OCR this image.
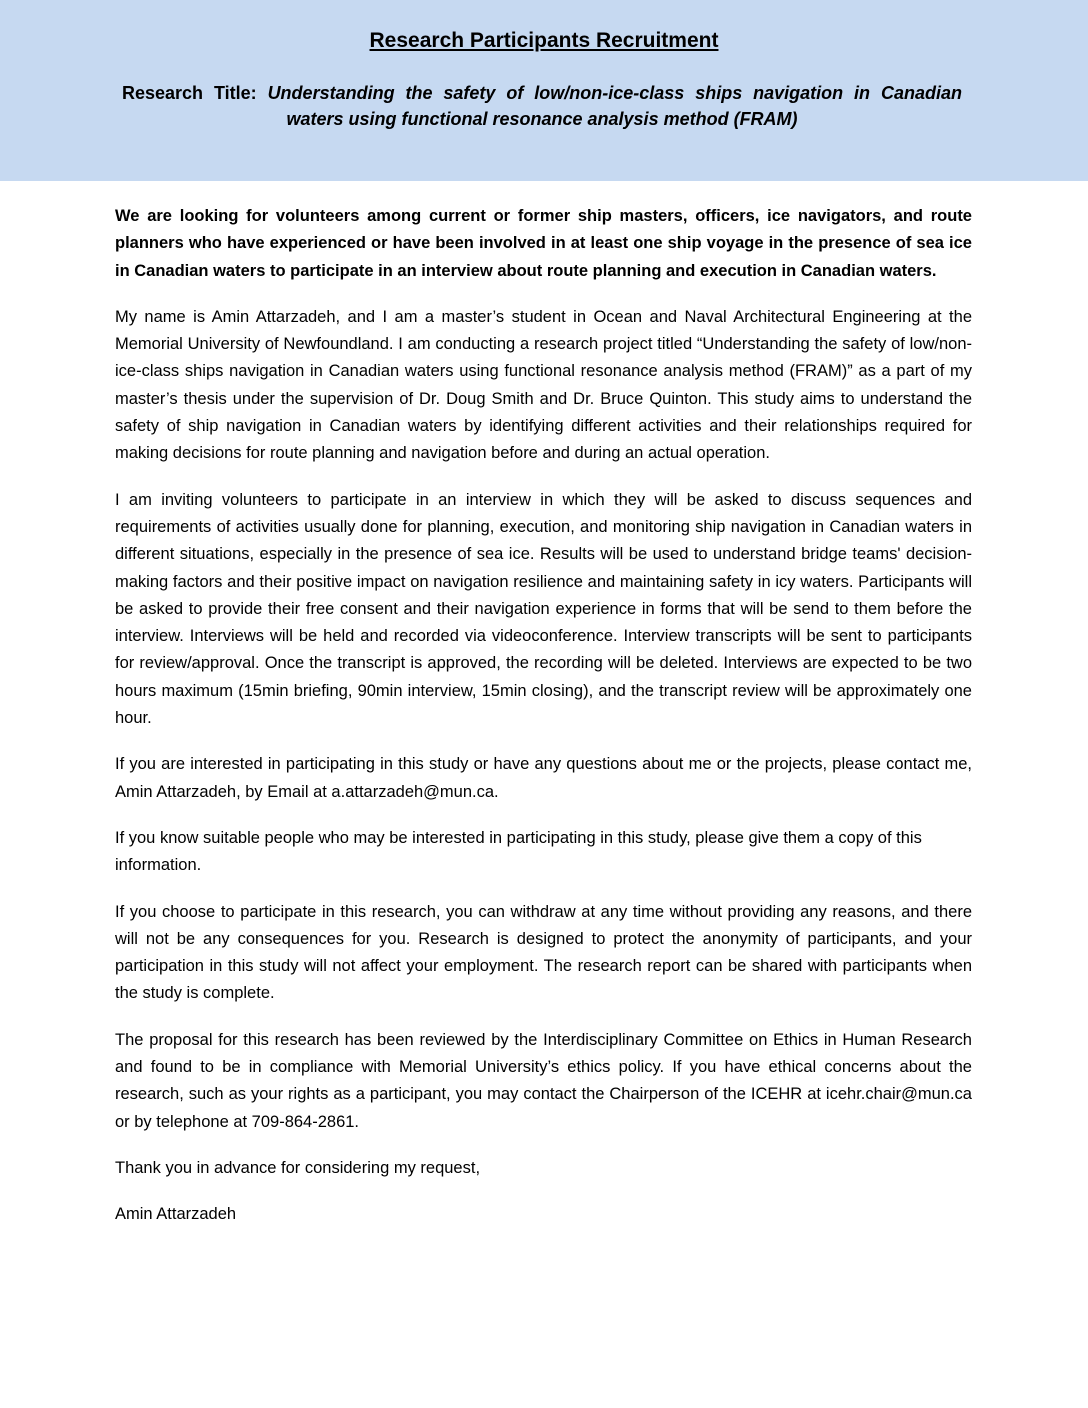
Research Participants Recruitment
Research Title: Understanding the safety of low/non-ice-class ships navigation in Canadian waters using functional resonance analysis method (FRAM)

We are looking for volunteers among current or former ship masters, officers, ice navigators, and route planners who have experienced or have been involved in at least one ship voyage in the presence of sea ice in Canadian waters to participate in an interview about route planning and execution in Canadian waters.

My name is Amin Attarzadeh, and I am a master’s student in Ocean and Naval Architectural Engineering at the Memorial University of Newfoundland. I am conducting a research project titled “Understanding the safety of low/non-ice-class ships navigation in Canadian waters using functional resonance analysis method (FRAM)” as a part of my master’s thesis under the supervision of Dr. Doug Smith and Dr. Bruce Quinton. This study aims to understand the safety of ship navigation in Canadian waters by identifying different activities and their relationships required for making decisions for route planning and navigation before and during an actual operation.

I am inviting volunteers to participate in an interview in which they will be asked to discuss sequences and requirements of activities usually done for planning, execution, and monitoring ship navigation in Canadian waters in different situations, especially in the presence of sea ice. Results will be used to understand bridge teams' decision-making factors and their positive impact on navigation resilience and maintaining safety in icy waters. Participants will be asked to provide their free consent and their navigation experience in forms that will be send to them before the interview. Interviews will be held and recorded via videoconference. Interview transcripts will be sent to participants for review/approval. Once the transcript is approved, the recording will be deleted. Interviews are expected to be two hours maximum (15min briefing, 90min interview, 15min closing), and the transcript review will be approximately one hour.

If you are interested in participating in this study or have any questions about me or the projects, please contact me, Amin Attarzadeh, by Email at a.attarzadeh@mun.ca.

If you know suitable people who may be interested in participating in this study, please give them a copy of this information.

If you choose to participate in this research, you can withdraw at any time without providing any reasons, and there will not be any consequences for you. Research is designed to protect the anonymity of participants, and your participation in this study will not affect your employment. The research report can be shared with participants when the study is complete.

The proposal for this research has been reviewed by the Interdisciplinary Committee on Ethics in Human Research and found to be in compliance with Memorial University’s ethics policy. If you have ethical concerns about the research, such as your rights as a participant, you may contact the Chairperson of the ICEHR at icehr.chair@mun.ca or by telephone at 709-864-2861.

Thank you in advance for considering my request,

Amin Attarzadeh
